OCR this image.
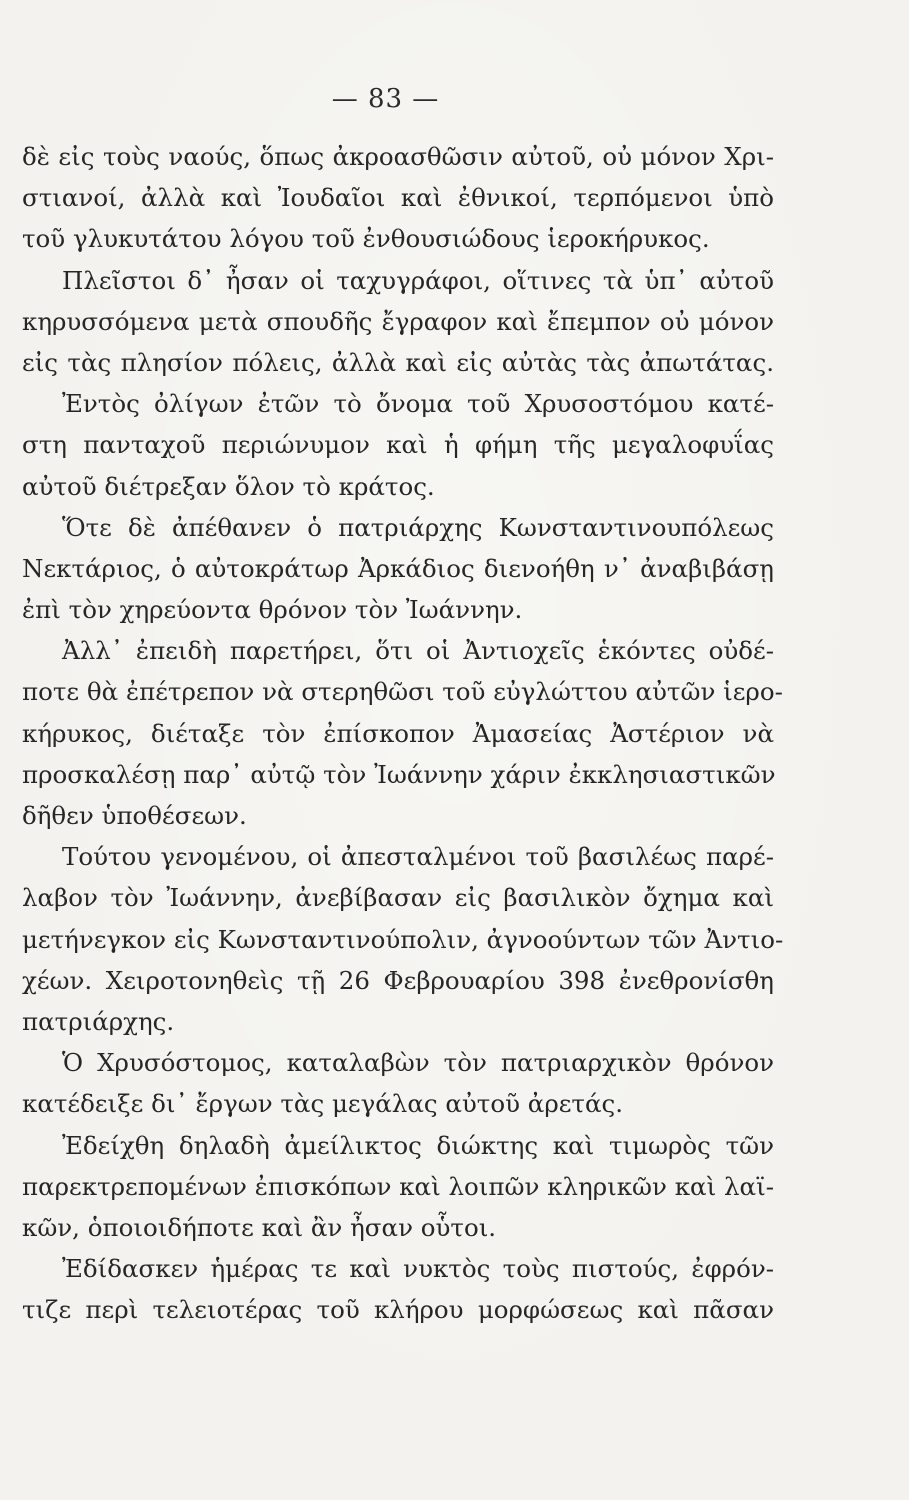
— 83 —
δὲ εἰς τοὺς ναούς, ὅπως ἀκροασθῶσιν αὐτοῦ, οὐ μόνον Χρι-
στιανοί, ἀλλὰ καὶ Ἰουδαῖοι καὶ ἐθνικοί, τερπόμενοι ὑπὸ
τοῦ γλυκυτάτου λόγου τοῦ ἐνθουσιώδους ἱεροκήρυκος.
Πλεῖστοι δ᾽ ἦσαν οἱ ταχυγράφοι, οἵτινες τὰ ὑπ᾽ αὐτοῦ
κηρυσσόμενα μετὰ σπουδῆς ἔγραφον καὶ ἔπεμπον οὐ μόνον
εἰς τὰς πλησίον πόλεις, ἀλλὰ καὶ εἰς αὐτὰς τὰς ἀπωτάτας.
Ἐντὸς ὀλίγων ἐτῶν τὸ ὄνομα τοῦ Χρυσοστόμου κατέ-
στη πανταχοῦ περιώνυμον καὶ ἡ φήμη τῆς μεγαλοφυΐας
αὐτοῦ διέτρεξαν ὅλον τὸ κράτος.
Ὅτε δὲ ἀπέθανεν ὁ πατριάρχης Κωνσταντινουπόλεως
Νεκτάριος, ὁ αὐτοκράτωρ Ἀρκάδιος διενοήθη ν᾽ ἀναβιβάσῃ
ἐπὶ τὸν χηρεύοντα θρόνον τὸν Ἰωάννην.
Ἀλλ᾽ ἐπειδὴ παρετήρει, ὅτι οἱ Ἀντιοχεῖς ἑκόντες οὐδέ-
ποτε θὰ ἐπέτρεπον νὰ στερηθῶσι τοῦ εὐγλώττου αὐτῶν ἱερο-
κήρυκος, διέταξε τὸν ἐπίσκοπον Ἀμασείας Ἀστέριον νὰ
προσκαλέσῃ παρ᾽ αὐτῷ τὸν Ἰωάννην χάριν ἐκκλησιαστικῶν
δῆθεν ὑποθέσεων.
Τούτου γενομένου, οἱ ἀπεσταλμένοι τοῦ βασιλέως παρέ-
λαβον τὸν Ἰωάννην, ἀνεβίβασαν εἰς βασιλικὸν ὄχημα καὶ
μετήνεγκον εἰς Κωνσταντινούπολιν, ἀγνοούντων τῶν Ἀντιο-
χέων. Χειροτονηθεὶς τῇ 26 Φεβρουαρίου 398 ἐνεθρονίσθη
πατριάρχης.
Ὁ Χρυσόστομος, καταλαβὼν τὸν πατριαρχικὸν θρόνον
κατέδειξε δι᾽ ἔργων τὰς μεγάλας αὐτοῦ ἀρετάς.
Ἐδείχθη δηλαδὴ ἀμείλικτος διώκτης καὶ τιμωρὸς τῶν
παρεκτρεπομένων ἐπισκόπων καὶ λοιπῶν κληρικῶν καὶ λαϊ-
κῶν, ὁποιοιδήποτε καὶ ἂν ἦσαν οὗτοι.
Ἐδίδασκεν ἡμέρας τε καὶ νυκτὸς τοὺς πιστούς, ἐφρόν-
τιζε περὶ τελειοτέρας τοῦ κλήρου μορφώσεως καὶ πᾶσαν
